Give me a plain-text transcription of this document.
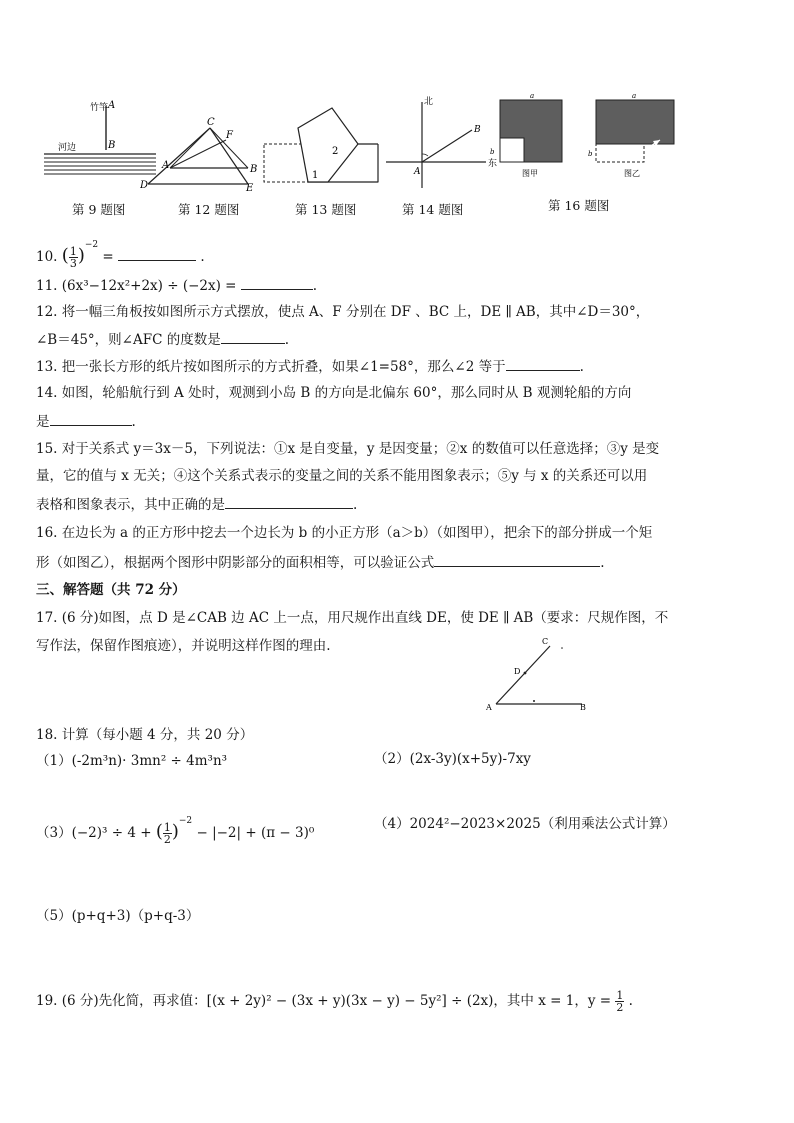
竹竿 A
B
河边
第 9 题图
C
F
A	B
D	E
第 12 题图
1
2
第 13 题图
北
东
A
B
第 14 题图
a
b
a
b
图甲	图乙
第 16 题图
10. ( $\frac{1}{3} )^{-2}$ =	.
11. (6x³−12x²+2x) ÷ (−2x) =	.
12. 将一幅三角板按如图所示方式摆放，使点 A、F 分别在 DF 、BC 上，DE ∥ AB，其中∠D＝30°，
∠B＝45°，则∠AFC 的度数是	.
13. 把一张长方形的纸片按如图所示的方式折叠，如果∠1=58°，那么∠2 等于	.
14. 如图，轮船航行到 A 处时，观测到小岛 B 的方向是北偏东 60°，那么同时从 B 观测轮船的方向
是	.
15. 对于关系式 y＝3x－5，下列说法：①x 是自变量，y 是因变量；②x 的数值可以任意选择；③y 是变
量，它的值与 x 无关；④这个关系式表示的变量之间的关系不能用图象表示；⑤y 与 x 的关系还可以用
表格和图象表示，其中正确的是	.
16. 在边长为 a 的正方形中挖去一个边长为 b 的小正方形（a＞b）（如图甲），把余下的部分拼成一个矩
形（如图乙），根据两个图形中阴影部分的面积相等，可以验证公式	.
三、解答题（共 72 分）
17. (6 分)如图，点 D 是∠CAB 边 AC 上一点，用尺规作出直线 DE，使 DE ∥ AB（要求：尺规作图，不
写作法，保留作图痕迹），并说明这样作图的理由.	C
D
A	B
18. 计算（每小题 4 分，共 20 分）
（1）(-2m³n)· 3mn² ÷ 4m³n³	（2）(2x-3y)(x+5y)-7xy
（3）(−2)³ ÷ 4 + ( $\frac{1}{2} )^{-2} - |-2| + (\pi - 3)^0$
（4）2024²−2023×2025（利用乘法公式计算）
（5）(p+q+3)（p+q-3）
19. (6 分)先化简，再求值：[(x + 2y)² − (3x + y)(3x − y) − 5y²] ÷ (2x)，其中 x = 1，$y = \frac{1}{2}$ .
